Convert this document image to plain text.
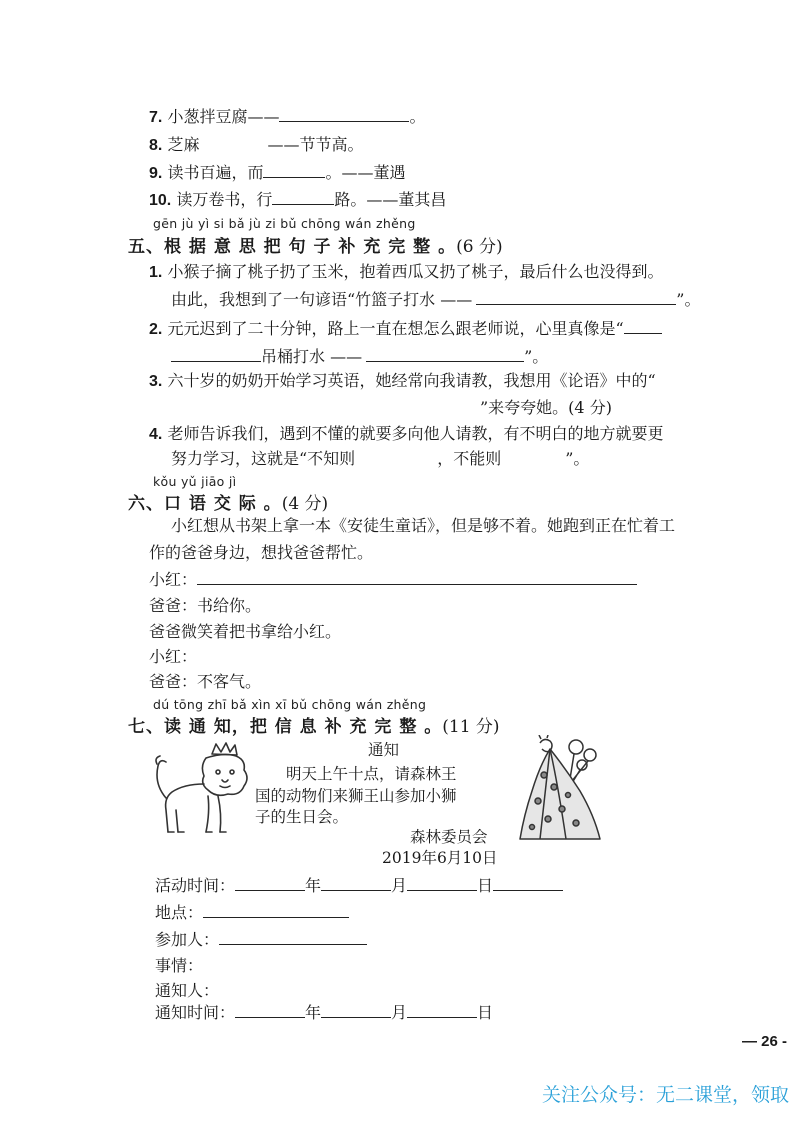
7. 小葱拌豆腐——	。
8. 芝麻	——节节高。
9. 读书百遍，而	。——董遇
10. 读万卷书，行	路。——董其昌
gēn jù yì si bǎ jù zi bǔ chōng wán zhěng
五、根 据 意 思 把 句 子 补 充 完 整 。(6 分)
1. 小猴子摘了桃子扔了玉米，抱着西瓜又扔了桃子，最后什么也没得到。
由此，我想到了一句谚语“竹篮子打水 ——	”。
2. 元元迟到了二十分钟，路上一直在想怎么跟老师说，心里真像是“
吊桶打水 ——	”。
3. 六十岁的奶奶开始学习英语，她经常向我请教，我想用《论语》中的“
”来夸夸她。(4 分)
4. 老师告诉我们，遇到不懂的就要多向他人请教，有不明白的地方就要更
努力学习，这就是“不知则	，不能则	”。
kǒu yǔ jiāo jì
六、口 语 交 际 。(4 分)
小红想从书架上拿一本《安徒生童话》，但是够不着。她跑到正在忙着工
作的爸爸身边，想找爸爸帮忙。
小红：
爸爸：书给你。
爸爸微笑着把书拿给小红。
小红：
爸爸：不客气。
dú tōng zhī bǎ xìn xī bǔ chōng wán zhěng
七、读 通 知，把 信 息 补 充 完 整 。(11 分)
通知
明天上午十点，请森林王
国的动物们来狮王山参加小狮
子的生日会。
森林委员会
2019年6月10日
活动时间：	年	月	日
地点：
参加人：
事情：
通知人：
通知时间：	年	月	日
— 26 -
关注公众号：无二课堂，领取
